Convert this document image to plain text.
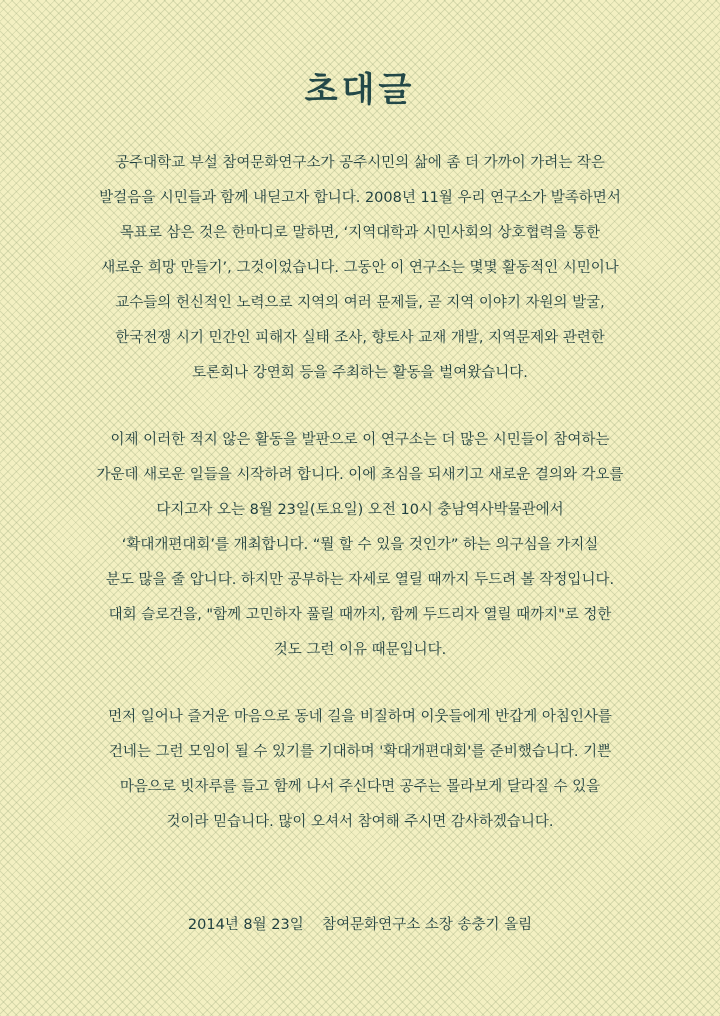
초대글
공주대학교 부설 참여문화연구소가 공주시민의 삶에 좀 더 가까이 가려는 작은
발걸음을 시민들과 함께 내딛고자 합니다. 2008년 11월 우리 연구소가 발족하면서
목표로 삼은 것은 한마디로 말하면, ‘지역대학과 시민사회의 상호협력을 통한
새로운 희망 만들기’, 그것이었습니다. 그동안 이 연구소는 몇몇 활동적인 시민이나
교수들의 헌신적인 노력으로 지역의 여러 문제들, 곧 지역 이야기 자원의 발굴,
한국전쟁 시기 민간인 피해자 실태 조사, 향토사 교재 개발, 지역문제와 관련한
토론회나 강연회 등을 주최하는 활동을 벌여왔습니다.
이제 이러한 적지 않은 활동을 발판으로 이 연구소는 더 많은 시민들이 참여하는
가운데 새로운 일들을 시작하려 합니다. 이에 초심을 되새기고 새로운 결의와 각오를
다지고자 오는 8월 23일(토요일) 오전 10시 충남역사박물관에서
‘확대개편대회’를 개최합니다. “뭘 할 수 있을 것인가” 하는 의구심을 가지실
분도 많을 줄 압니다. 하지만 공부하는 자세로 열릴 때까지 두드려 볼 작정입니다.
대회 슬로건을, "함께 고민하자 풀릴 때까지, 함께 두드리자 열릴 때까지"로 정한
것도 그런 이유 때문입니다.
먼저 일어나 즐거운 마음으로 동네 길을 비질하며 이웃들에게 반갑게 아침인사를
건네는 그런 모임이 될 수 있기를 기대하며 '확대개편대회'를 준비했습니다. 기쁜
마음으로 빗자루를 들고 함께 나서 주신다면 공주는 몰라보게 달라질 수 있을
것이라 믿습니다. 많이 오셔서 참여해 주시면 감사하겠습니다.
2014년 8월 23일    참여문화연구소 소장 송충기 올림
